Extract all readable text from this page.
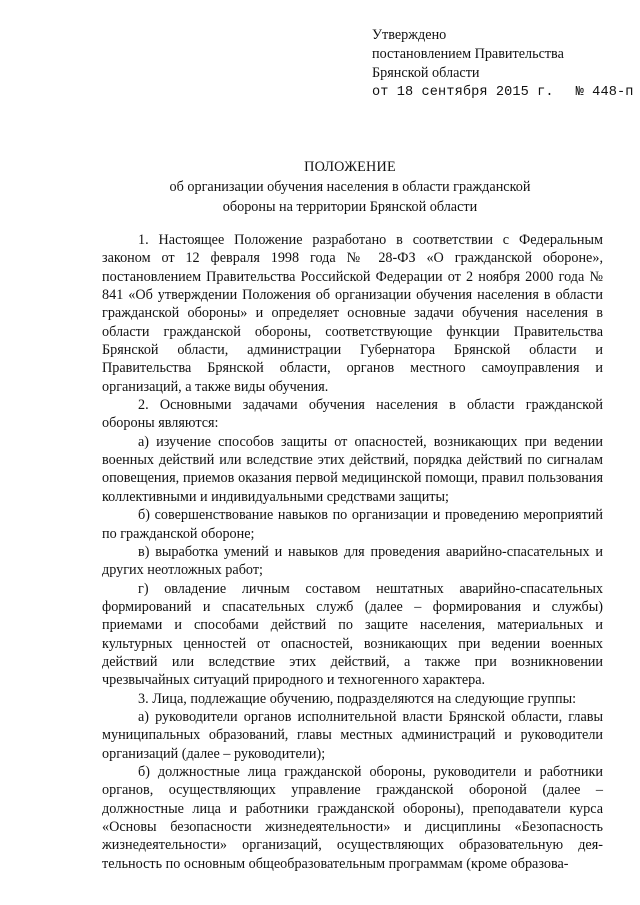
Утверждено
постановлением Правительства
Брянской области
от 18 сентября 2015 г. № 448-п
ПОЛОЖЕНИЕ
об организации обучения населения в области гражданской
обороны на территории Брянской области

1. Настоящее Положение разработано в соответствии с Федеральным законом от 12 февраля 1998 года № 28-ФЗ «О гражданской обороне», постановлением Правительства Российской Федерации от 2 ноября 2000 года № 841 «Об утверждении Положения об организации обучения населения в области гражданской обороны» и определяет основные задачи обучения населения в области гражданской обороны, соответствующие функции Правительства Брянской области, администрации Губернатора Брянской области и Правительства Брянской области, органов местного самоуправления и организаций, а также виды обучения.

2. Основными задачами обучения населения в области гражданской обороны являются:

а) изучение способов защиты от опасностей, возникающих при ведении военных действий или вследствие этих действий, порядка действий по сигналам оповещения, приемов оказания первой медицинской помощи, правил пользования коллективными и индивидуальными средствами защиты;

б) совершенствование навыков по организации и проведению мероприятий по гражданской обороне;

в) выработка умений и навыков для проведения аварийно-спасательных и других неотложных работ;

г) овладение личным составом нештатных аварийно-спасательных формирований и спасательных служб (далее – формирования и службы) приемами и способами действий по защите населения, материальных и культурных ценностей от опасностей, возникающих при ведении военных действий или вследствие этих действий, а также при возникновении чрезвычайных ситуаций природного и техногенного характера.

3. Лица, подлежащие обучению, подразделяются на следующие группы:

а) руководители органов исполнительной власти Брянской области, главы муниципальных образований, главы местных администраций и руководители организаций (далее – руководители);

б) должностные лица гражданской обороны, руководители и работники органов, осуществляющих управление гражданской обороной (далее – должностные лица и работники гражданской обороны), преподаватели курса «Основы безопасности жизнедеятельности» и дисциплины «Безопасность жизнедеятельности» организаций, осуществляющих образовательную деятельность по основным общеобразовательным программам (кроме образова-
